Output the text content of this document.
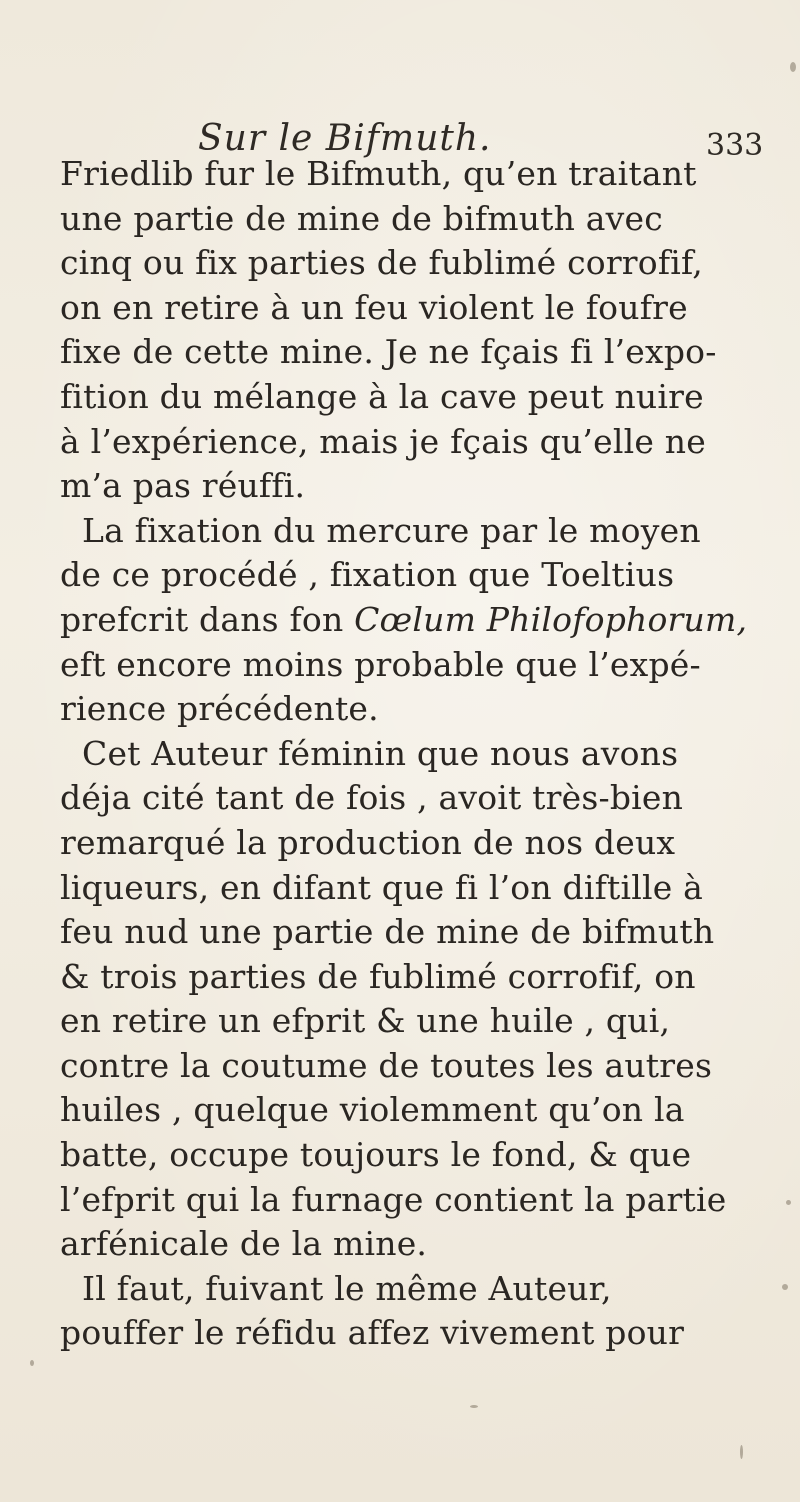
Sur le Bifmuth.	333
Friedlib fur le Bifmuth, qu’en traitant
une partie de mine de bifmuth avec
cinq ou fix parties de fublimé corrofif,
on en retire à un feu violent le foufre
fixe de cette mine. Je ne fçais fi l’expo-
fition du mélange à la cave peut nuire
à l’expérience, mais je fçais qu’elle ne
m’a pas réuffi.
La fixation du mercure par le moyen
de ce procédé , fixation que Toeltius
prefcrit dans fon Cœlum Philofophorum,
eft encore moins probable que l’expé-
rience précédente.
Cet Auteur féminin que nous avons
déja cité tant de fois , avoit très-bien
remarqué la production de nos deux
liqueurs, en difant que fi l’on diftille à
feu nud une partie de mine de bifmuth
& trois parties de fublimé corrofif, on
en retire un efprit & une huile , qui,
contre la coutume de toutes les autres
huiles , quelque violemment qu’on la
batte, occupe toujours le fond, & que
l’efprit qui la furnage contient la partie
arfénicale de la mine.
Il faut, fuivant le même Auteur,
pouffer le réfidu affez vivement pour
